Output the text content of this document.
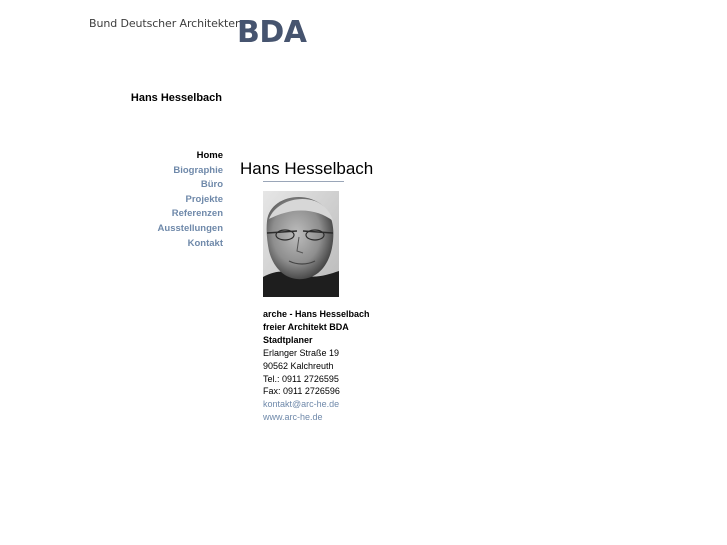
Bund Deutscher Architekten
BDA
Hans Hesselbach
Home
Biographie
Büro
Projekte
Referenzen
Ausstellungen
Kontakt
Hans Hesselbach
arche - Hans Hesselbach
freier Architekt BDA
Stadtplaner
Erlanger Straße 19
90562 Kalchreuth
Tel.: 0911 2726595
Fax: 0911 2726596
kontakt@arc-he.de
www.arc-he.de
